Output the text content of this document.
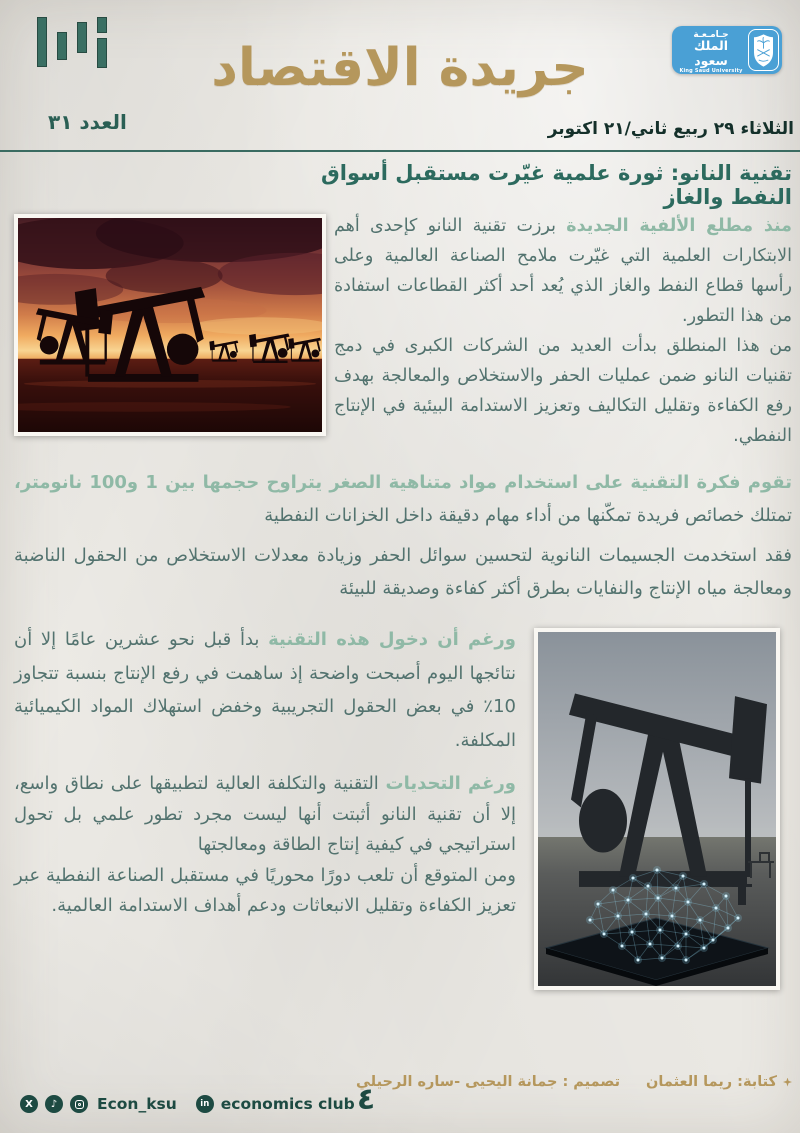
جـامـعـة
الملك سعود
King Saud University
جريدة الاقتصاد
العدد ٣١	الثلاثاء ٢٩ ربيع ثاني/٢١ اكتوبر
تقنية النانو: ثورة علمية غيّرت مستقبل أسواق النفط والغاز

منذ مطلع الألفية الجديدة برزت تقنية النانو كإحدى أهم الابتكارات العلمية التي غيّرت ملامح الصناعة العالمية وعلى رأسها قطاع النفط والغاز الذي يُعد أحد أكثر القطاعات استفادة من هذا التطور.

من هذا المنطلق بدأت العديد من الشركات الكبرى في دمج تقنيات النانو ضمن عمليات الحفر والاستخلاص والمعالجة بهدف رفع الكفاءة وتقليل التكاليف وتعزيز الاستدامة البيئية في الإنتاج النفطي.

تقوم فكرة التقنية على استخدام مواد متناهية الصغر يتراوح حجمها بين 1 و100 نانومتر، تمتلك خصائص فريدة تمكّنها من أداء مهام دقيقة داخل الخزانات النفطية

فقد استخدمت الجسيمات النانوية لتحسين سوائل الحفر وزيادة معدلات الاستخلاص من الحقول الناضبة ومعالجة مياه الإنتاج والنفايات بطرق أكثر كفاءة وصديقة للبيئة

ورغم أن دخول هذه التقنية بدأ قبل نحو عشرين عامًا إلا أن نتائجها اليوم أصبحت واضحة إذ ساهمت في رفع الإنتاج بنسبة تتجاوز 10٪ في بعض الحقول التجريبية وخفض استهلاك المواد الكيميائية المكلفة.

ورغم التحديات التقنية والتكلفة العالية لتطبيقها على نطاق واسع، إلا أن تقنية النانو أثبتت أنها ليست مجرد تطور علمي بل تحول استراتيجي في كيفية إنتاج الطاقة ومعالجتها

ومن المتوقع أن تلعب دورًا محوريًا في مستقبل الصناعة النفطية عبر تعزيز الكفاءة وتقليل الانبعاثات ودعم أهداف الاستدامة العالمية.

كتابة: ريما العثمان
تصميم : جمانة اليحيى -ساره الرحيلي
X	♪	Econ_ksu	in economics club ٤
